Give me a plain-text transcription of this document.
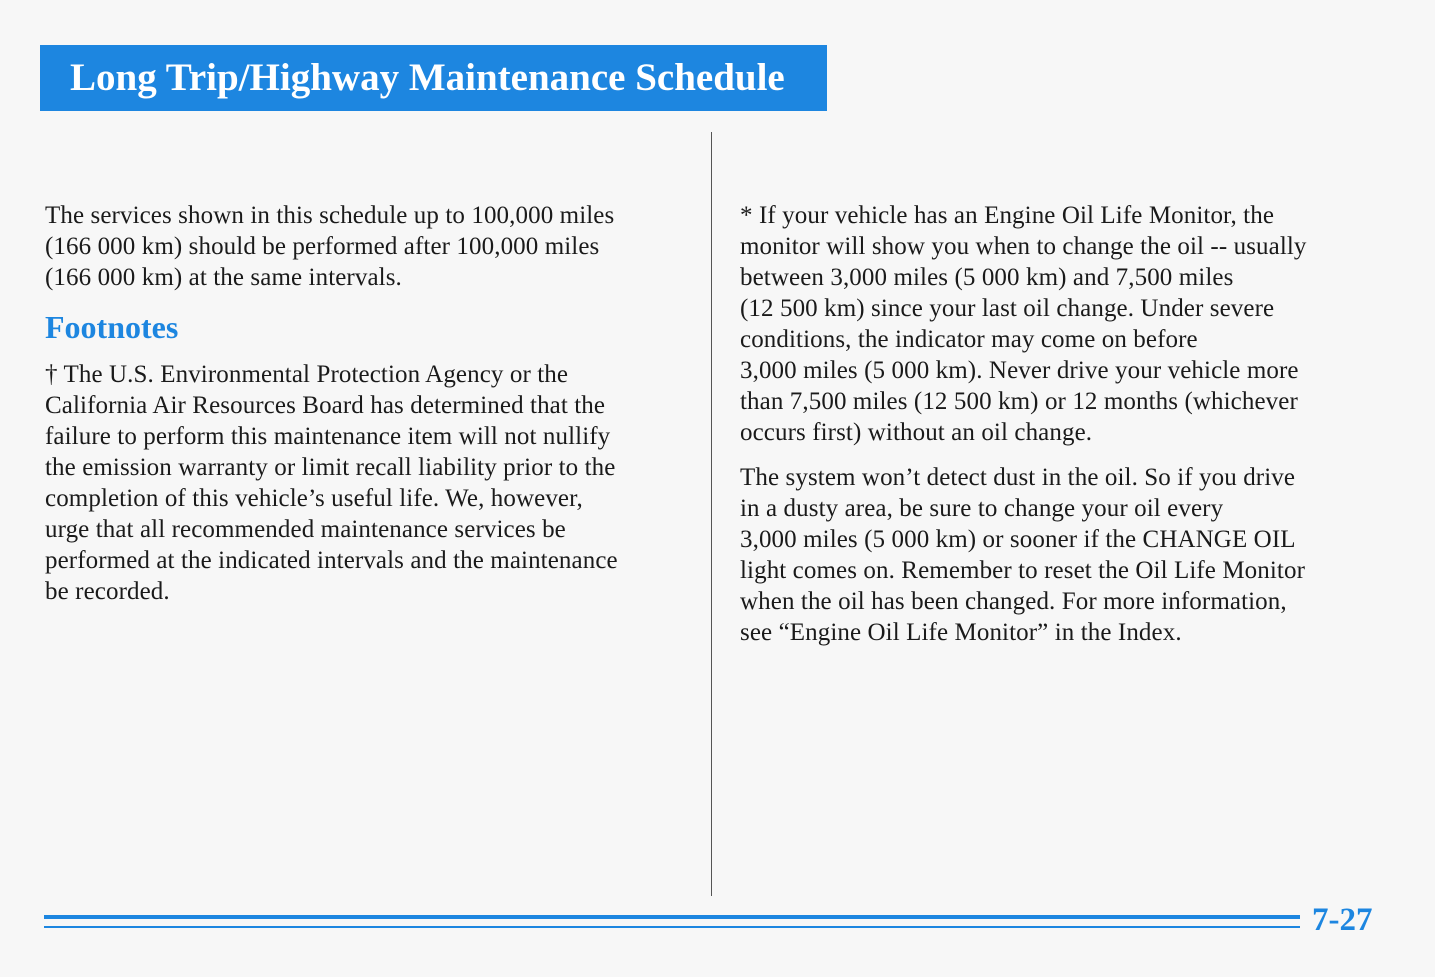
Long Trip/Highway Maintenance Schedule

The services shown in this schedule up to 100,000 miles
(166 000 km) should be performed after 100,000 miles
(166 000 km) at the same intervals.

Footnotes

† The U.S. Environmental Protection Agency or the
California Air Resources Board has determined that the
failure to perform this maintenance item will not nullify
the emission warranty or limit recall liability prior to the
completion of this vehicle’s useful life. We, however,
urge that all recommended maintenance services be
performed at the indicated intervals and the maintenance
be recorded.

* If your vehicle has an Engine Oil Life Monitor, the
monitor will show you when to change the oil -- usually
between 3,000 miles (5 000 km) and 7,500 miles
(12 500 km) since your last oil change. Under severe
conditions, the indicator may come on before
3,000 miles (5 000 km). Never drive your vehicle more
than 7,500 miles (12 500 km) or 12 months (whichever
occurs first) without an oil change.

The system won’t detect dust in the oil. So if you drive
in a dusty area, be sure to change your oil every
3,000 miles (5 000 km) or sooner if the CHANGE OIL
light comes on. Remember to reset the Oil Life Monitor
when the oil has been changed. For more information,
see “Engine Oil Life Monitor” in the Index.

7-27
